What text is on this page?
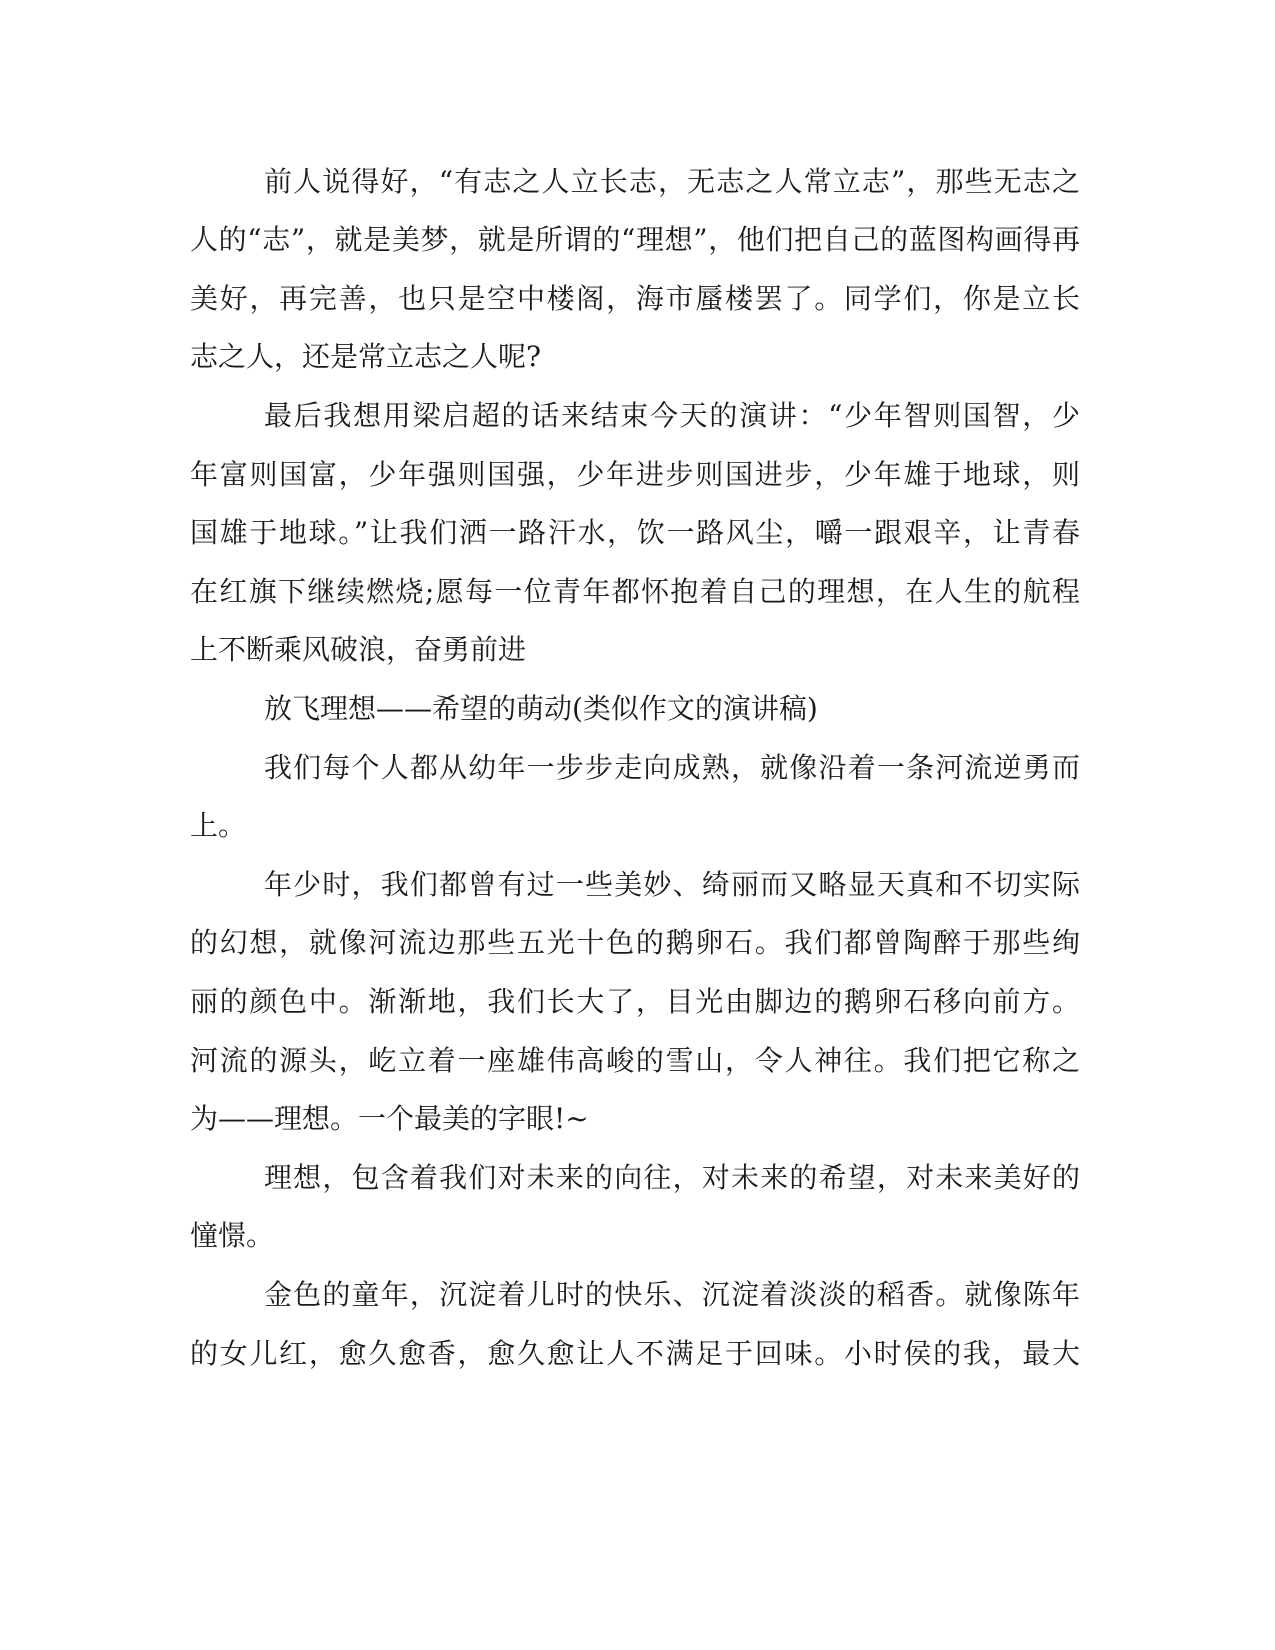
前人说得好，“有志之人立长志，无志之人常立志”，那些无志之
人的“志”，就是美梦，就是所谓的“理想”，他们把自己的蓝图构画得再
美好，再完善，也只是空中楼阁，海市蜃楼罢了。同学们，你是立长
志之人，还是常立志之人呢?
最后我想用梁启超的话来结束今天的演讲：“少年智则国智，少
年富则国富，少年强则国强，少年进步则国进步，少年雄于地球，则
国雄于地球。”让我们洒一路汗水，饮一路风尘，嚼一跟艰辛，让青春
在红旗下继续燃烧;愿每一位青年都怀抱着自己的理想，在人生的航程
上不断乘风破浪，奋勇前进
放飞理想——希望的萌动(类似作文的演讲稿)
我们每个人都从幼年一步步走向成熟，就像沿着一条河流逆勇而
上。
年少时，我们都曾有过一些美妙、绮丽而又略显天真和不切实际
的幻想，就像河流边那些五光十色的鹅卵石。我们都曾陶醉于那些绚
丽的颜色中。渐渐地，我们长大了，目光由脚边的鹅卵石移向前方。
河流的源头，屹立着一座雄伟高峻的雪山，令人神往。我们把它称之
为——理想。一个最美的字眼!~
理想，包含着我们对未来的向往，对未来的希望，对未来美好的
憧憬。
金色的童年，沉淀着儿时的快乐、沉淀着淡淡的稻香。就像陈年
的女儿红，愈久愈香，愈久愈让人不满足于回味。小时侯的我，最大
